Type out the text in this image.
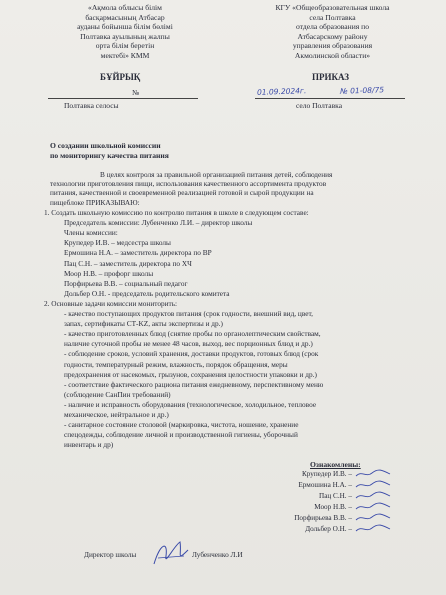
«Ақмола облысы білім
басқармасының Атбасар
ауданы бойынша білім бөлімі
Полтавка ауылының жалпы
орта білім беретін
мектебі» КММ
КГУ «Общеобразовательная школа
села Полтавка
отдела образования по
Атбасарскому району
управления образования
Акмолинской области»
БҰЙРЫҚ	ПРИКАЗ
№	01.09.2024г.	№ 01-08/75
Полтавка селосы	село Полтавка
О создании школьной комиссии
по мониторингу качества питания
В целях контроля за правильной организацией питания детей, соблюдения
технологии приготовления пищи, использования качественного ассортимента продуктов
питания, качественной и своевременной реализацией готовой и сырой продукции на
пищеблоке ПРИКАЗЫВАЮ:
1. Создать школьную комиссию по контролю питания в школе в следующем составе:
Председатель комиссии: Лубенченко Л.И. – директор школы
Члены комиссии:
Крупедер И.В. – медсестра школы
Ермошина Н.А. – заместитель директора по ВР
Пац С.Н. – заместитель директора по ХЧ
Моор Н.В. – профорг школы
Порфирьева В.В. – социальный педагог
Дольбер О.Н. - председатель родительского комитета
2. Основные задачи комиссии мониторить:
- качество поступающих продуктов питания (срок годности, внешний вид, цвет,
запах, сертификаты СТ-KZ, акты экспертизы и др.)
- качество приготовленных блюд (снятие пробы по органолептическим свойствам,
наличие суточной пробы не менее 48 часов, выход, вес порционных блюд и др.)
- соблюдение сроков, условий хранения, доставки продуктов, готовых блюд (срок
годности, температурный режим, влажность, порядок обращения, меры
предохранения от насекомых, грызунов, сохранения целостности упаковки и др.)
- соответствие фактического рациона питания ежедневному, перспективному меню
(соблюдение СанПин требований)
- наличие и исправность оборудования (технологическое, холодильное, тепловое
механическое, нейтральное и др.)
- санитарное состояние столовой (маркировка, чистота, ношение, хранение
спецодежды, соблюдение личной и производственной гигиены, уборочный
инвентарь и др)
Ознакомлены:
Крупедер И.В. –
Ермошина Н.А. –
Пац С.Н. –
Моор Н.В. –
Порфирьева В.В. –
Дольбер О.Н. –
Директор школы	Лубенченко Л.И
